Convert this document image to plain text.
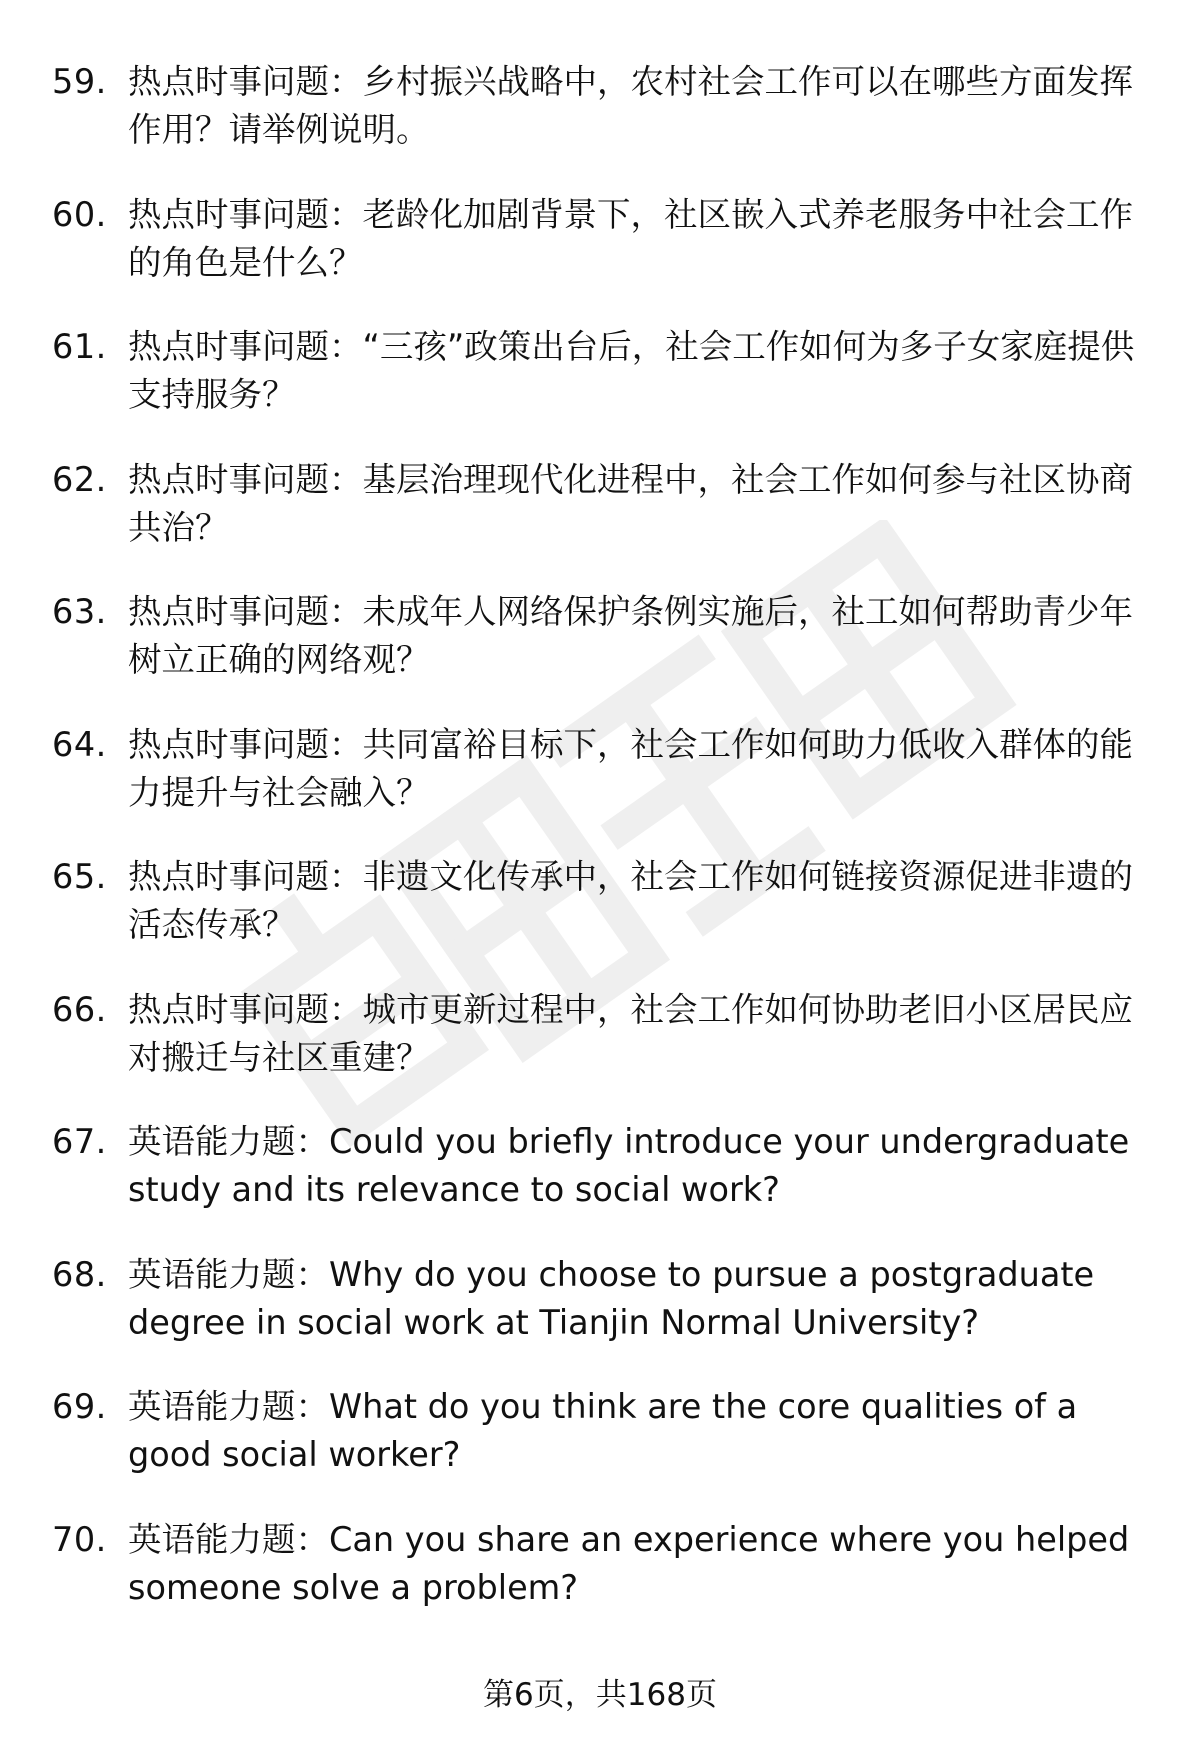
59. 热点时事问题：乡村振兴战略中，农村社会工作可以在哪些方面发挥作用？请举例说明。
60. 热点时事问题：老龄化加剧背景下，社区嵌入式养老服务中社会工作的角色是什么？
61. 热点时事问题：“三孩”政策出台后，社会工作如何为多子女家庭提供支持服务？
62. 热点时事问题：基层治理现代化进程中，社会工作如何参与社区协商共治？
63. 热点时事问题：未成年人网络保护条例实施后，社工如何帮助青少年树立正确的网络观？
64. 热点时事问题：共同富裕目标下，社会工作如何助力低收入群体的能力提升与社会融入？
65. 热点时事问题：非遗文化传承中，社会工作如何链接资源促进非遗的活态传承？
66. 热点时事问题：城市更新过程中，社会工作如何协助老旧小区居民应对搬迁与社区重建？
67. 英语能力题：Could you briefly introduce your undergraduate study and its relevance to social work?
68. 英语能力题：Why do you choose to pursue a postgraduate degree in social work at Tianjin Normal University?
69. 英语能力题：What do you think are the core qualities of a good social worker?
70. 英语能力题：Can you share an experience where you helped someone solve a problem?
第6页，共168页
